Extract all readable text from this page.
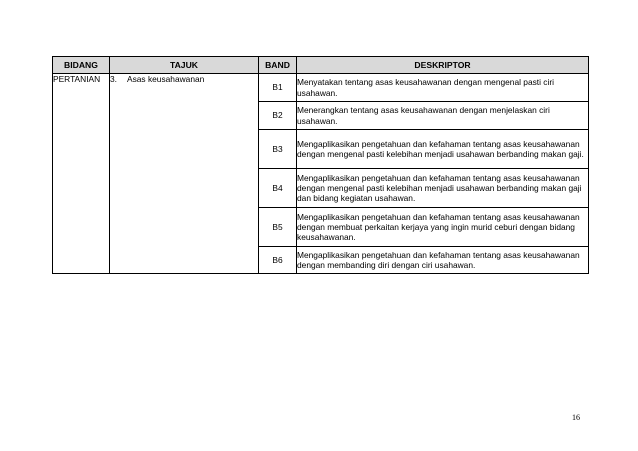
BIDANG	TAJUK	BAND	DESKRIPTOR
PERTANIAN	3. Asas keusahawanan	B1	Menyatakan tentang asas keusahawanan dengan mengenal pasti ciri usahawan.
		B2	Menerangkan tentang asas keusahawanan dengan menjelaskan ciri usahawan.
		B3	Mengaplikasikan pengetahuan dan kefahaman tentang asas keusahawanan dengan mengenal pasti kelebihan menjadi usahawan berbanding makan gaji.
		B4	Mengaplikasikan pengetahuan dan kefahaman tentang asas keusahawanan dengan mengenal pasti kelebihan menjadi usahawan berbanding makan gaji dan bidang kegiatan usahawan.
		B5	Mengaplikasikan pengetahuan dan kefahaman tentang asas keusahawanan dengan membuat perkaitan kerjaya yang ingin murid ceburi dengan bidang keusahawanan.
		B6	Mengaplikasikan pengetahuan dan kefahaman tentang asas keusahawanan dengan membanding diri dengan ciri usahawan.
16
